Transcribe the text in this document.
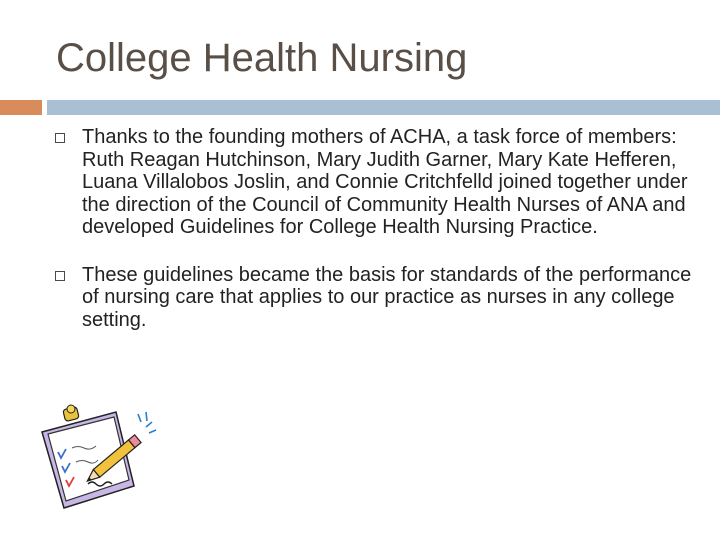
College Health Nursing
Thanks to the founding mothers of ACHA, a task force of members: Ruth Reagan Hutchinson, Mary Judith Garner, Mary Kate Hefferen, Luana Villalobos Joslin, and Connie Critchfelld joined together under the direction of the Council of Community Health Nurses of ANA and developed Guidelines for College Health Nursing Practice.
These guidelines became the basis for standards of the performance of nursing care that applies to our practice as nurses in any college setting.
